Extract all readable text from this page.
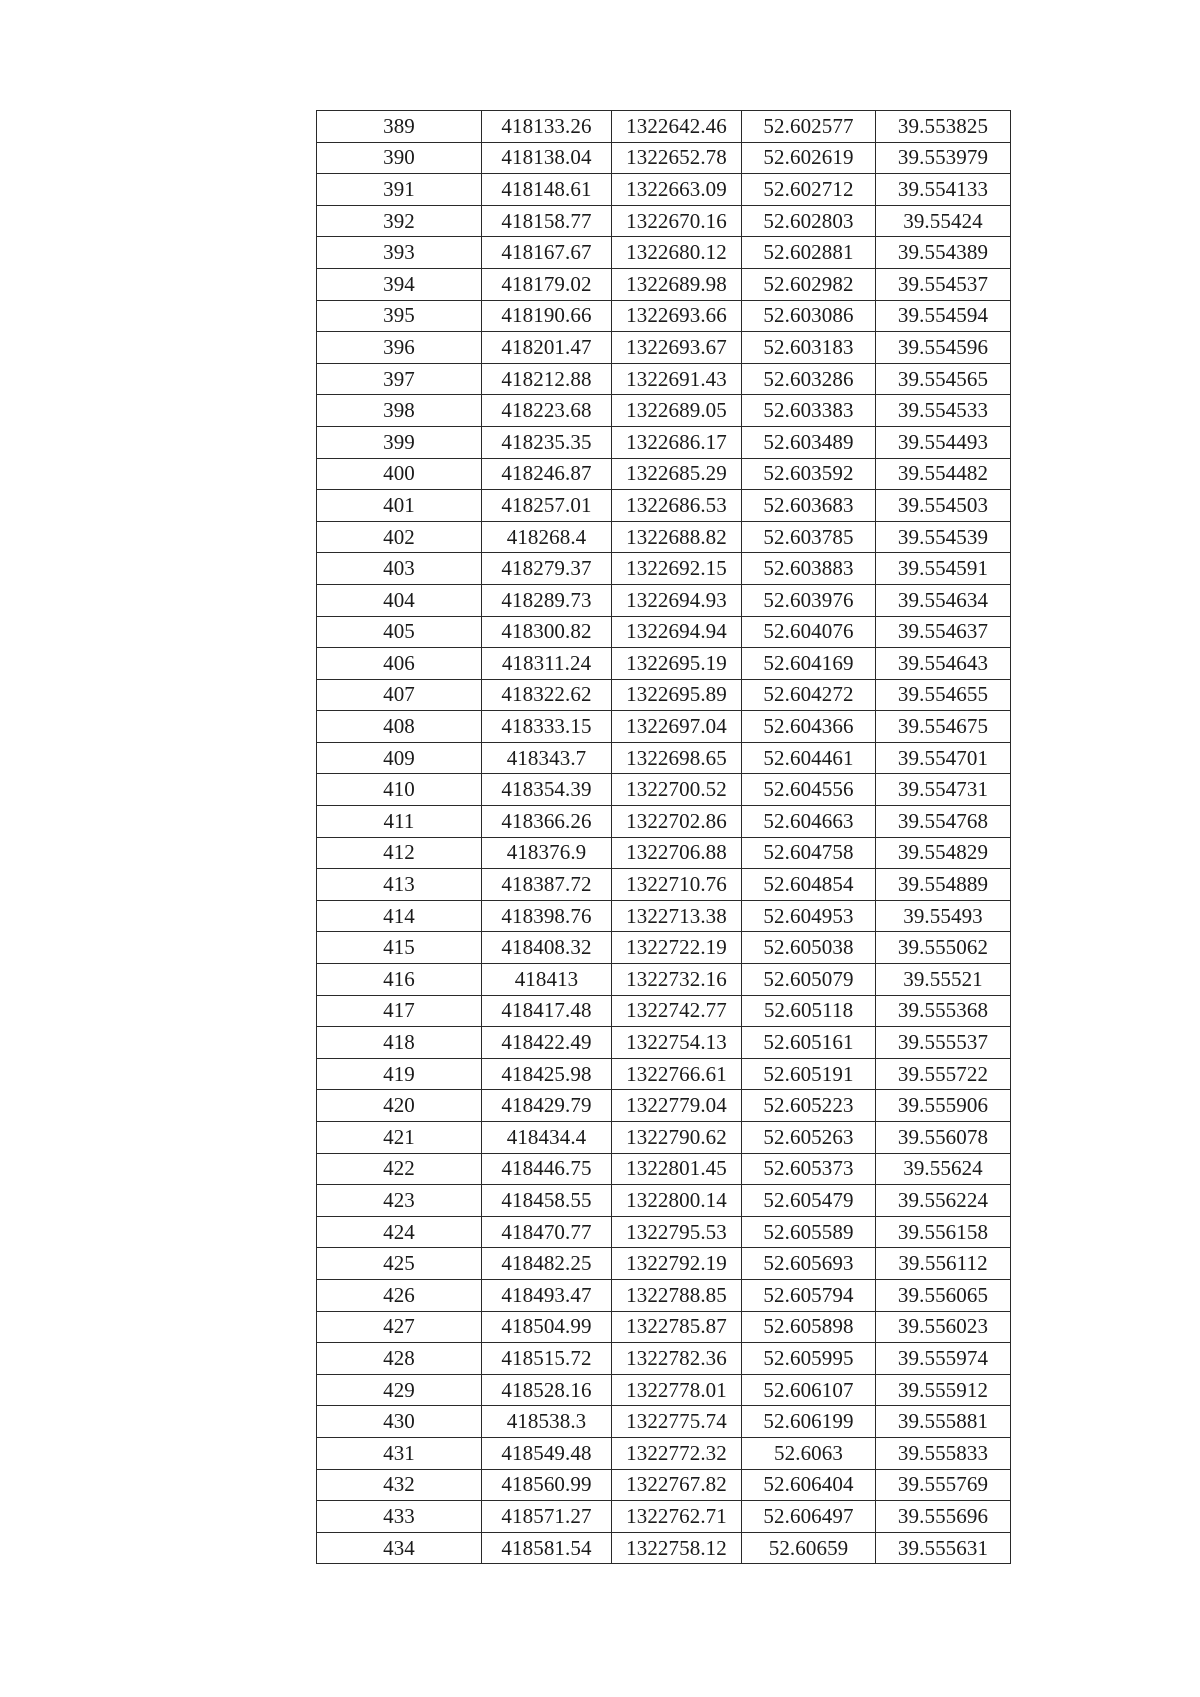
389	418133.26	1322642.46	52.602577	39.553825
390	418138.04	1322652.78	52.602619	39.553979
391	418148.61	1322663.09	52.602712	39.554133
392	418158.77	1322670.16	52.602803	39.55424
393	418167.67	1322680.12	52.602881	39.554389
394	418179.02	1322689.98	52.602982	39.554537
395	418190.66	1322693.66	52.603086	39.554594
396	418201.47	1322693.67	52.603183	39.554596
397	418212.88	1322691.43	52.603286	39.554565
398	418223.68	1322689.05	52.603383	39.554533
399	418235.35	1322686.17	52.603489	39.554493
400	418246.87	1322685.29	52.603592	39.554482
401	418257.01	1322686.53	52.603683	39.554503
402	418268.4	1322688.82	52.603785	39.554539
403	418279.37	1322692.15	52.603883	39.554591
404	418289.73	1322694.93	52.603976	39.554634
405	418300.82	1322694.94	52.604076	39.554637
406	418311.24	1322695.19	52.604169	39.554643
407	418322.62	1322695.89	52.604272	39.554655
408	418333.15	1322697.04	52.604366	39.554675
409	418343.7	1322698.65	52.604461	39.554701
410	418354.39	1322700.52	52.604556	39.554731
411	418366.26	1322702.86	52.604663	39.554768
412	418376.9	1322706.88	52.604758	39.554829
413	418387.72	1322710.76	52.604854	39.554889
414	418398.76	1322713.38	52.604953	39.55493
415	418408.32	1322722.19	52.605038	39.555062
416	418413	1322732.16	52.605079	39.55521
417	418417.48	1322742.77	52.605118	39.555368
418	418422.49	1322754.13	52.605161	39.555537
419	418425.98	1322766.61	52.605191	39.555722
420	418429.79	1322779.04	52.605223	39.555906
421	418434.4	1322790.62	52.605263	39.556078
422	418446.75	1322801.45	52.605373	39.55624
423	418458.55	1322800.14	52.605479	39.556224
424	418470.77	1322795.53	52.605589	39.556158
425	418482.25	1322792.19	52.605693	39.556112
426	418493.47	1322788.85	52.605794	39.556065
427	418504.99	1322785.87	52.605898	39.556023
428	418515.72	1322782.36	52.605995	39.555974
429	418528.16	1322778.01	52.606107	39.555912
430	418538.3	1322775.74	52.606199	39.555881
431	418549.48	1322772.32	52.6063	39.555833
432	418560.99	1322767.82	52.606404	39.555769
433	418571.27	1322762.71	52.606497	39.555696
434	418581.54	1322758.12	52.60659	39.555631
